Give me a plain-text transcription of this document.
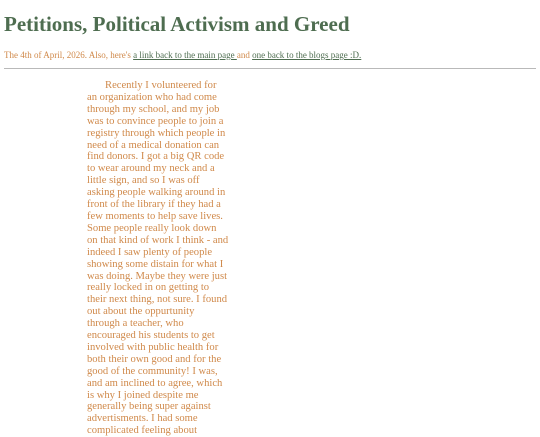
Petitions, Political Activism and Greed
The 4th of April, 2026. Also, here's a link back to the main page and one back to the blogs page :D.

Recently I volunteered for an organization who had come through my school, and my job was to convince people to join a registry through which people in need of a medical donation can find donors. I got a big QR code to wear around my neck and a little sign, and so I was off asking people walking around in front of the library if they had a few moments to help save lives. Some people really look down on that kind of work I think - and indeed I saw plenty of people showing some distain for what I was doing. Maybe they were just really locked in on getting to their next thing, not sure. I found out about the oppurtunity through a teacher, who encouraged his students to get involved with public health for both their own good and for the good of the community! I was, and am inclined to agree, which is why I joined despite me generally being super against advertisments. I had some complicated feeling about
